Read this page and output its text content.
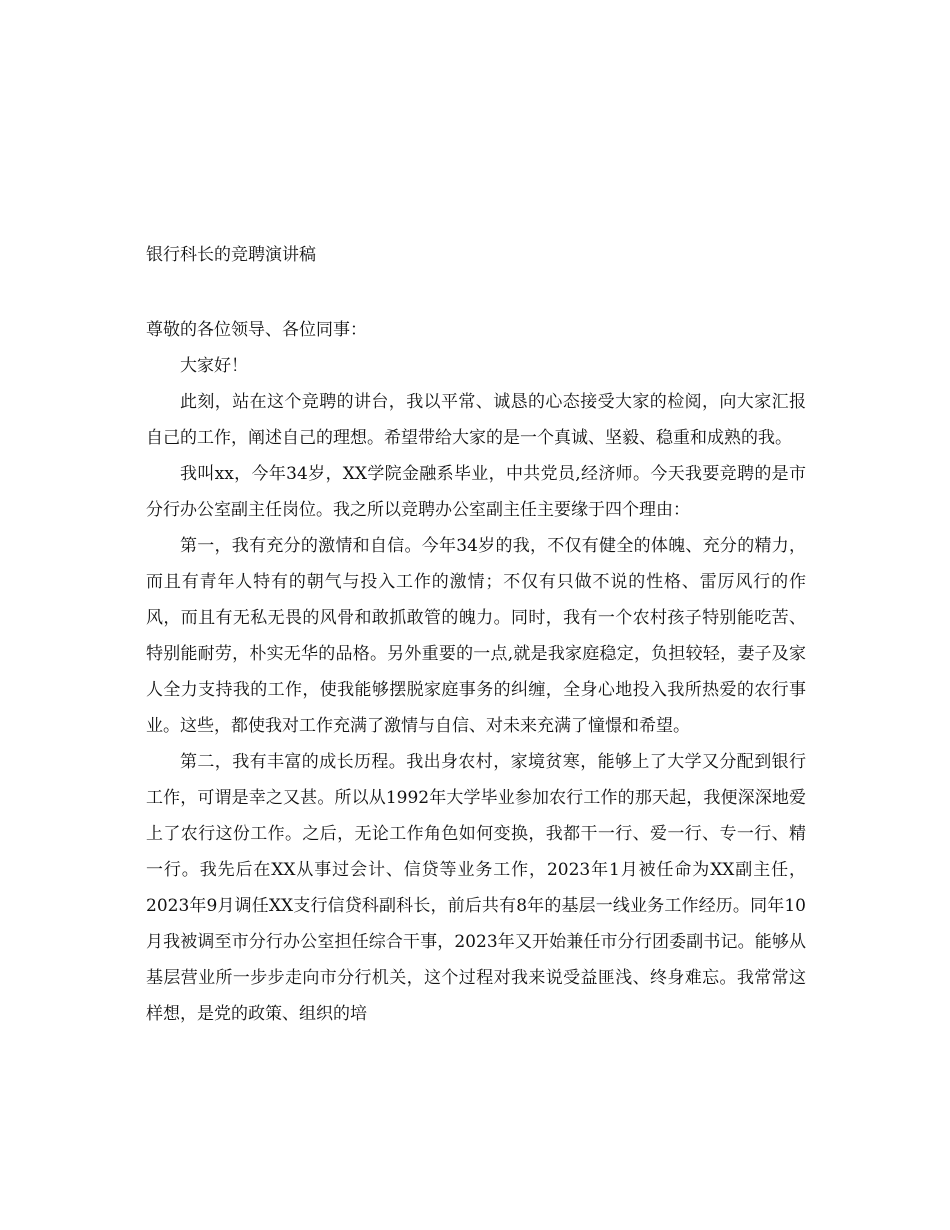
银行科长的竞聘演讲稿

尊敬的各位领导、各位同事：

大家好！

此刻，站在这个竞聘的讲台，我以平常、诚恳的心态接受大家的检阅，向大家汇报自己的工作，阐述自己的理想。希望带给大家的是一个真诚、坚毅、稳重和成熟的我。

我叫xx，今年34岁，XX学院金融系毕业，中共党员,经济师。今天我要竞聘的是市分行办公室副主任岗位。我之所以竞聘办公室副主任主要缘于四个理由：

第一，我有充分的激情和自信。今年34岁的我，不仅有健全的体魄、充分的精力，而且有青年人特有的朝气与投入工作的激情；不仅有只做不说的性格、雷厉风行的作风，而且有无私无畏的风骨和敢抓敢管的魄力。同时，我有一个农村孩子特别能吃苦、特别能耐劳，朴实无华的品格。另外重要的一点,就是我家庭稳定，负担较轻，妻子及家人全力支持我的工作，使我能够摆脱家庭事务的纠缠，全身心地投入我所热爱的农行事业。这些，都使我对工作充满了激情与自信、对未来充满了憧憬和希望。

第二，我有丰富的成长历程。我出身农村，家境贫寒，能够上了大学又分配到银行工作，可谓是幸之又甚。所以从1992年大学毕业参加农行工作的那天起，我便深深地爱上了农行这份工作。之后，无论工作角色如何变换，我都干一行、爱一行、专一行、精一行。我先后在XX从事过会计、信贷等业务工作，2023年1月被任命为XX副主任，2023年9月调任XX支行信贷科副科长，前后共有8年的基层一线业务工作经历。同年10月我被调至市分行办公室担任综合干事，2023年又开始兼任市分行团委副书记。能够从基层营业所一步步走向市分行机关，这个过程对我来说受益匪浅、终身难忘。我常常这样想，是党的政策、组织的培
